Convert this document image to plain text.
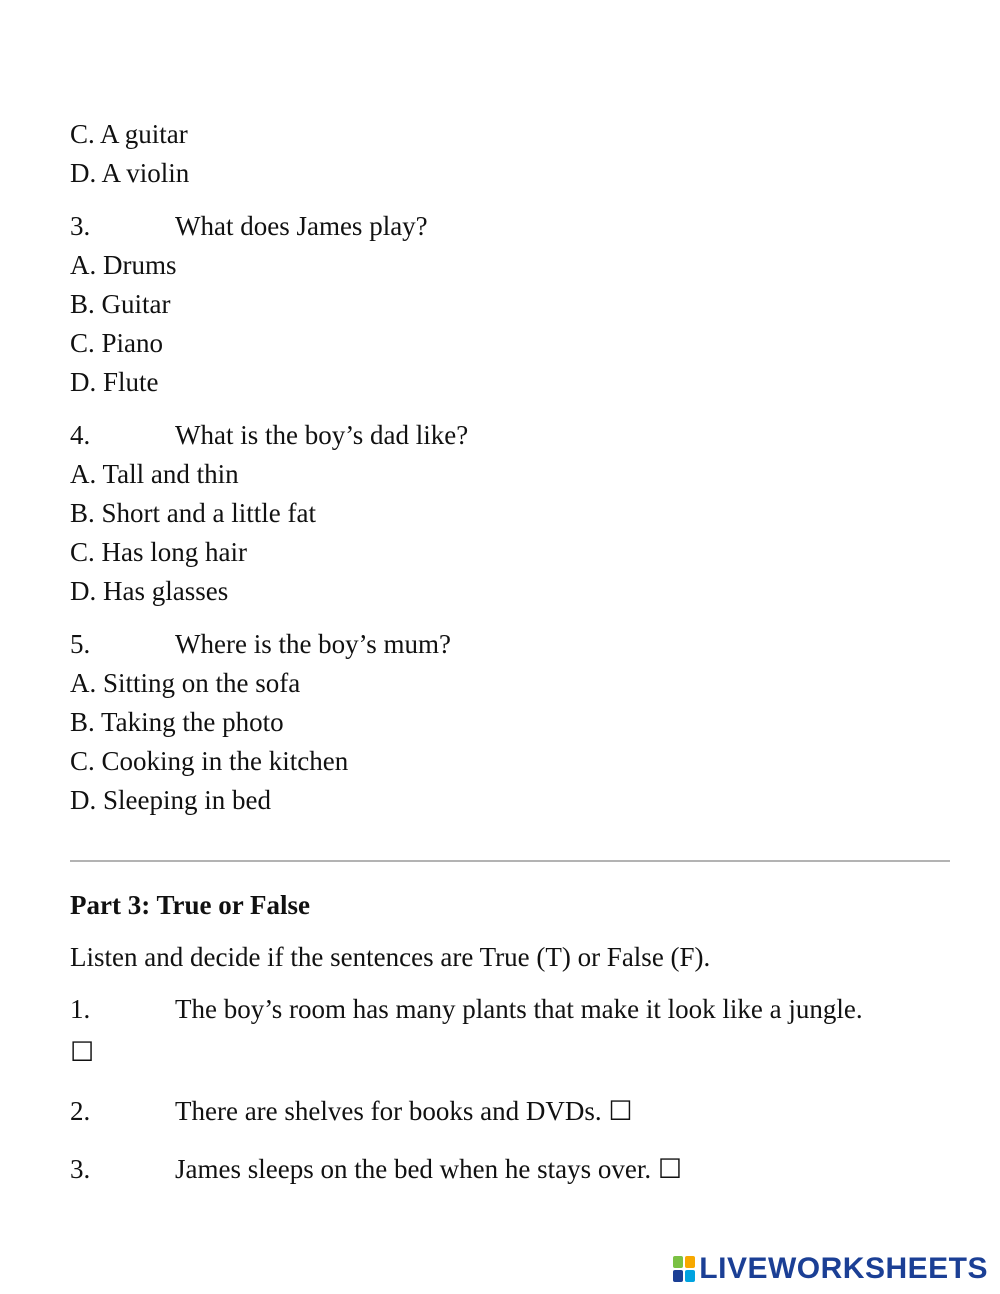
C. A guitar
D. A violin
3.	What does James play?
A. Drums
B. Guitar
C. Piano
D. Flute
4.	What is the boy’s dad like?
A. Tall and thin
B. Short and a little fat
C. Has long hair
D. Has glasses
5.	Where is the boy’s mum?
A. Sitting on the sofa
B. Taking the photo
C. Cooking in the kitchen
D. Sleeping in bed
Part 3: True or False
Listen and decide if the sentences are True (T) or False (F).
1.	The boy’s room has many plants that make it look like a jungle.
☐
2.	There are shelves for books and DVDs. ☐
3.	James sleeps on the bed when he stays over. ☐
LIVEWORKSHEETS
